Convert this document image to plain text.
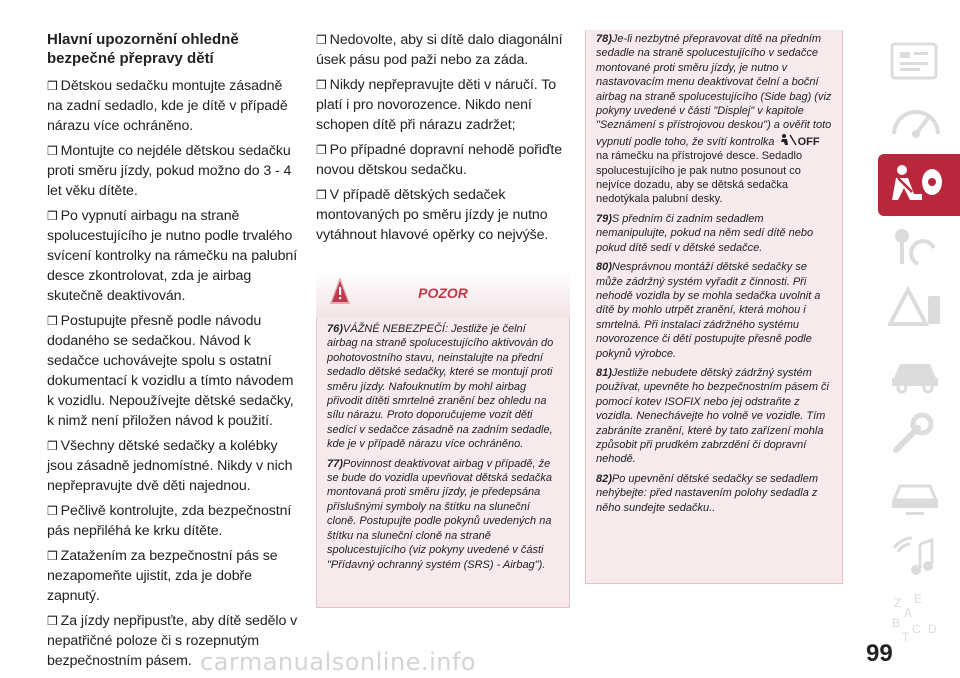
Hlavní upozornění ohledně
bezpečné přepravy dětí

❒ Dětskou sedačku montujte zásadně na zadní sedadlo, kde je dítě v případě nárazu více ochráněno.

❒ Montujte co nejdéle dětskou sedačku proti směru jízdy, pokud možno do 3 - 4 let věku dítěte.

❒ Po vypnutí airbagu na straně spolucestujícího je nutno podle trvalého svícení kontrolky na rámečku na palubní desce zkontrolovat, zda je airbag skutečně deaktivován.

❒ Postupujte přesně podle návodu dodaného se sedačkou. Návod k sedačce uchovávejte spolu s ostatní dokumentací k vozidlu a tímto návodem k vozidlu. Nepoužívejte dětské sedačky, k nimž není přiložen návod k použití.

❒ Všechny dětské sedačky a kolébky jsou zásadně jednomístné. Nikdy v nich nepřepravujte dvě děti najednou.

❒ Pečlivě kontrolujte, zda bezpečnostní pás nepřiléhá ke krku dítěte.

❒ Zatažením za bezpečnostní pás se nezapomeňte ujistit, zda je dobře zapnutý.

❒ Za jízdy nepřipusťte, aby dítě sedělo v nepatřičné poloze či s rozepnutým bezpečnostním pásem.

❒ Nedovolte, aby si dítě dalo diagonální úsek pásu pod paži nebo za záda.

❒ Nikdy nepřepravujte děti v náručí. To platí i pro novorozence. Nikdo není schopen dítě při nárazu zadržet;

❒ Po případné dopravní nehodě pořiďte novou dětskou sedačku.

❒ V případě dětských sedaček montovaných po směru jízdy je nutno vytáhnout hlavové opěrky co nejvýše.

POZOR

76)VÁŽNÉ NEBEZPEČÍ: Jestliže je čelní airbag na straně spolucestujícího aktivován do pohotovostního stavu, neinstalujte na přední sedadlo dětské sedačky, které se montují proti směru jízdy. Nafouknutím by mohl airbag přivodit dítěti smrtelné zranění bez ohledu na sílu nárazu. Proto doporučujeme vozit děti sedící v sedačce zásadně na zadním sedadle, kde je v případě nárazu více ochráněno.

77)Povinnost deaktivovat airbag v případě, že se bude do vozidla upevňovat dětská sedačka montovaná proti směru jízdy, je předepsána příslušnými symboly na štítku na sluneční cloně. Postupujte podle pokynů uvedených na štítku na sluneční cloně na straně spolucestujícího (viz pokyny uvedené v části "Přídavný ochranný systém (SRS) - Airbag").

78)Je-li nezbytné přepravovat dítě na předním sedadle na straně spolucestujícího v sedačce montované proti směru jízdy, je nutno v nastavovacím menu deaktivovat čelní a boční airbag na straně spolucestujícího (Side bag) (viz pokyny uvedené v části "Displej" v kapitole "Seznámení s přístrojovou deskou") a ověřit toto vypnutí podle toho, že svítí kontrolka OFF na rámečku na přístrojové desce. Sedadlo spolucestujícího je pak nutno posunout co nejvíce dozadu, aby se dětská sedačka nedotýkala palubní desky.

79)S předním či zadním sedadlem nemanipulujte, pokud na něm sedí dítě nebo pokud dítě sedí v dětské sedačce.

80)Nesprávnou montáží dětské sedačky se může zádržný systém vyřadit z činnosti. Při nehodě vozidla by se mohla sedačka uvolnit a dítě by mohlo utrpět zranění, která mohou i smrtelná. Při instalaci zádržného systému novorozence či dětí postupujte přesně podle pokynů výrobce.

81)Jestliže nebudete dětský zádržný systém používat, upevněte ho bezpečnostním pásem či pomocí kotev ISOFIX nebo jej odstraňte z vozidla. Nenechávejte ho volně ve vozidle. Tím zabráníte zranění, které by tato zařízení mohla způsobit při prudkém zabrzdění či dopravní nehodě.

82)Po upevnění dětské sedačky se sedadlem nehýbejte: před nastavením polohy sedadla z něho sundejte sedačku..

Z E
A
B C D
T
99
carmanualsonline.info
